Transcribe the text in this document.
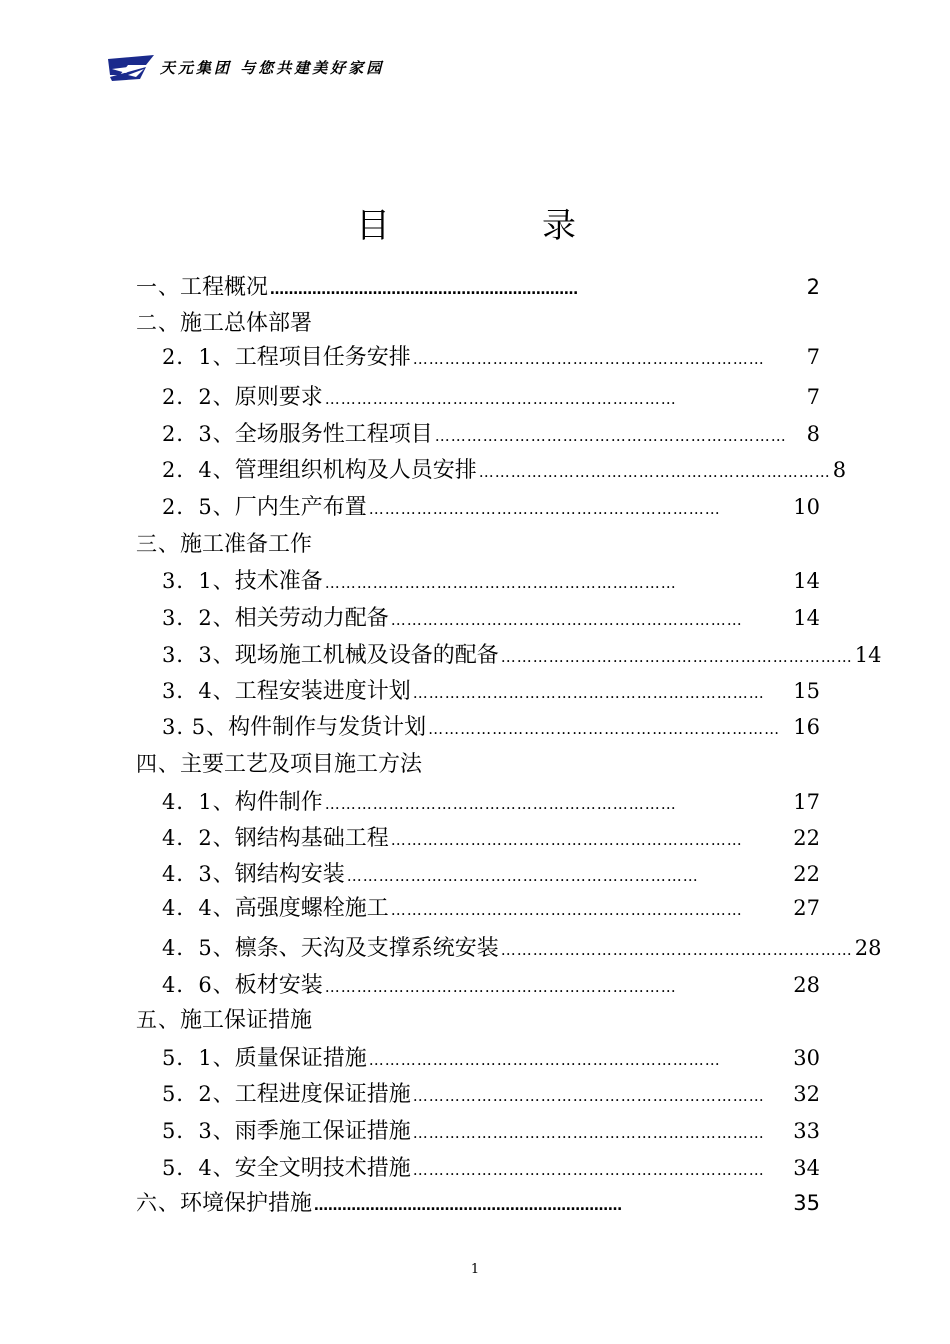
天元集团 与您共建美好家园
目	录
一、 工程概况 …………………………………………………………	2
二、 施工总体部署
2．1、 工程项目任务安排 …………………………………………………………	7
2．2、 原则要求 …………………………………………………………	7
2．3、 全场服务性工程项目 ………………………………………………………… 8
2．4、 管理组织机构及人员安排 ………………………………………………………… 8
2．5、 厂内生产布置 …………………………………………………………	10
三、 施工准备工作
3．1、 技术准备 …………………………………………………………	14
3．2、 相关劳动力配备 …………………………………………………………	14
3．3、 现场施工机械及设备的配备 ………………………………………………………… 14
3．4、 工程安装进度计划 …………………………………………………………	15
3. 5、 构件制作与发货计划 ………………………………………………………… 16
四、 主要工艺及项目施工方法
4．1、 构件制作 …………………………………………………………	17
4．2、 钢结构基础工程 …………………………………………………………	22
4．3、 钢结构安装 …………………………………………………………	22
4．4、 高强度螺栓施工 …………………………………………………………	27
4．5、 檩条、天沟及支撑系统安装 ………………………………………………………… 28
4．6、 板材安装 …………………………………………………………	28
五、 施工保证措施
5．1、 质量保证措施 …………………………………………………………	30
5．2、 工程进度保证措施 …………………………………………………………	32
5．3、 雨季施工保证措施 …………………………………………………………	33
5．4、 安全文明技术措施 …………………………………………………………	34
六、 环境保护措施 …………………………………………………………	35
1
